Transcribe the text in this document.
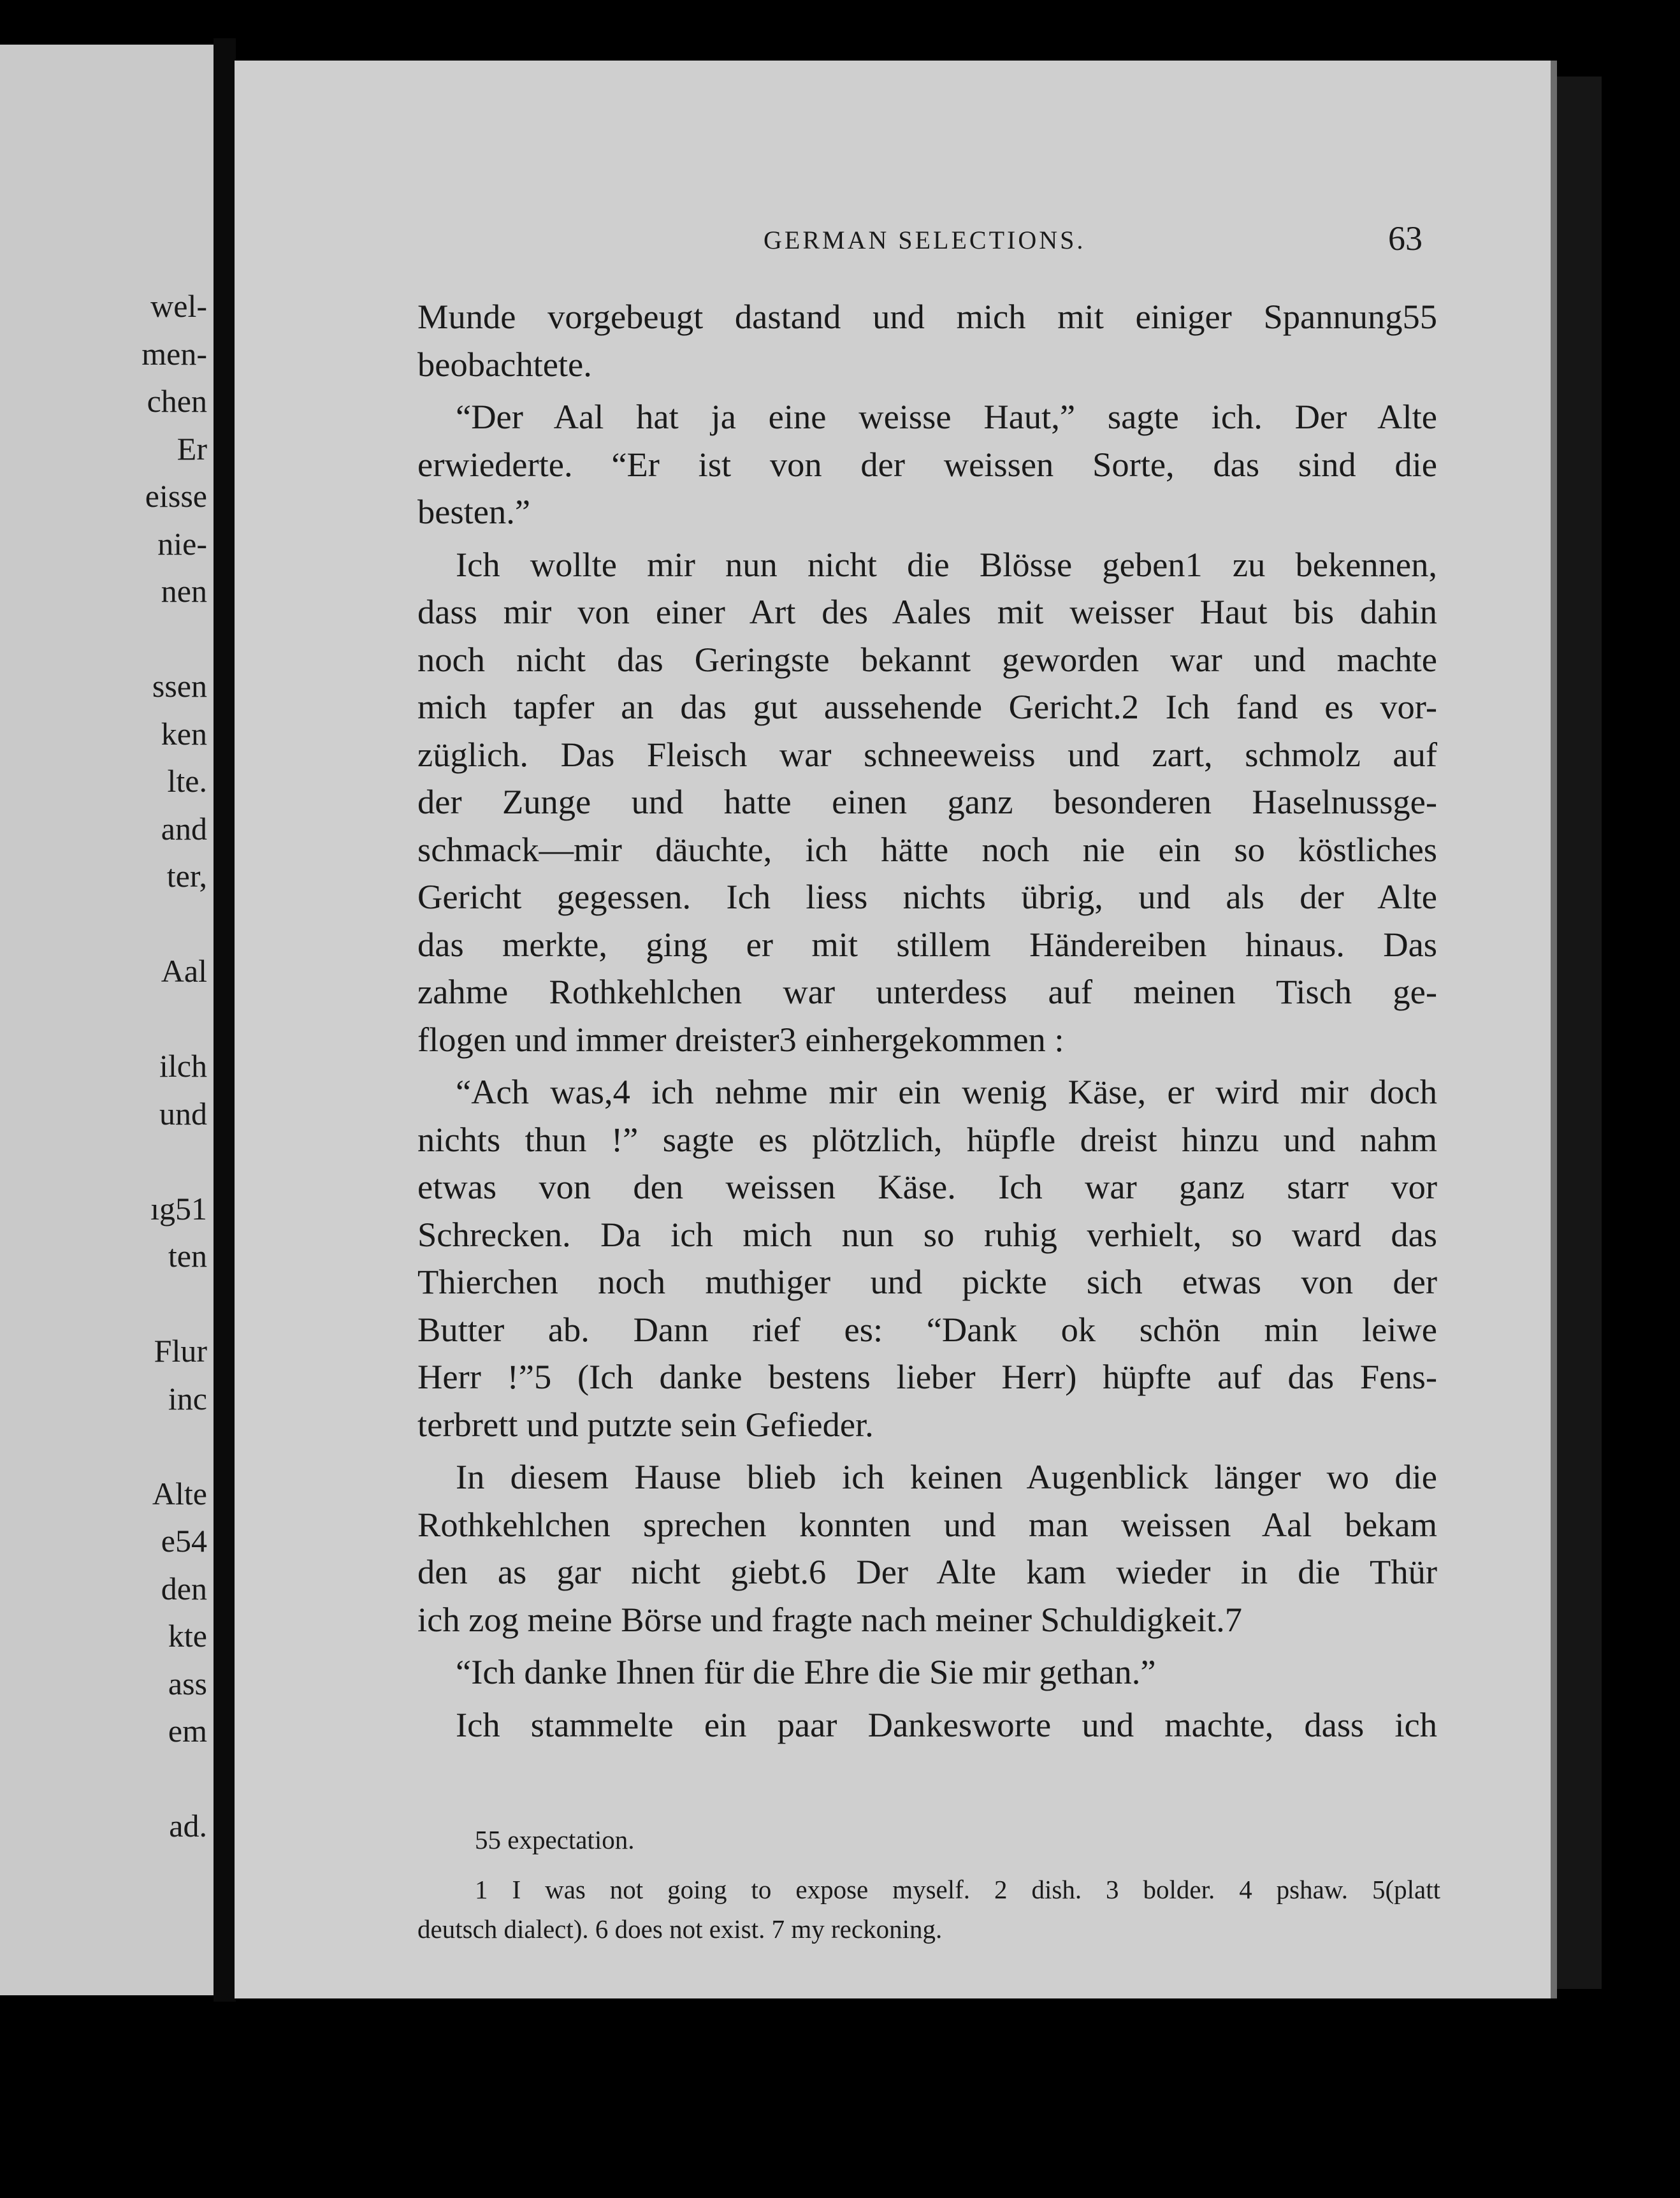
wel-
men-
chen
Er
eisse
nie-
nen
ssen
ken
lte.
and
ter,
Aal
ilch
und
ıg51
ten
Flur
inc
Alte
e54
den
kte
ass
em
ad.
GERMAN SELECTIONS.	63
Munde vorgebeugt dastand und mich mit einiger Spannung55
beobachtete.
“Der Aal hat ja eine weisse Haut,” sagte ich. Der Alte
erwiederte. “Er ist von der weissen Sorte, das sind die
besten.”
Ich wollte mir nun nicht die Blösse geben1 zu bekennen,
dass mir von einer Art des Aales mit weisser Haut bis dahin
noch nicht das Geringste bekannt geworden war und machte
mich tapfer an das gut aussehende Gericht.2 Ich fand es vor-
züglich. Das Fleisch war schneeweiss und zart, schmolz auf
der Zunge und hatte einen ganz besonderen Haselnussge-
schmack—mir däuchte, ich hätte noch nie ein so köstliches
Gericht gegessen. Ich liess nichts übrig, und als der Alte
das merkte, ging er mit stillem Händereiben hinaus. Das
zahme Rothkehlchen war unterdess auf meinen Tisch ge-
flogen und immer dreister3 einhergekommen :
“Ach was,4 ich nehme mir ein wenig Käse, er wird mir doch
nichts thun !” sagte es plötzlich, hüpfle dreist hinzu und nahm
etwas von den weissen Käse. Ich war ganz starr vor
Schrecken. Da ich mich nun so ruhig verhielt, so ward das
Thierchen noch muthiger und pickte sich etwas von der
Butter ab. Dann rief es: “Dank ok schön min leiwe
Herr !”5 (Ich danke bestens lieber Herr) hüpfte auf das Fens-
terbrett und putzte sein Gefieder.
In diesem Hause blieb ich keinen Augenblick länger wo die
Rothkehlchen sprechen konnten und man weissen Aal bekam
den as gar nicht giebt.6 Der Alte kam wieder in die Thür
ich zog meine Börse und fragte nach meiner Schuldigkeit.7
“Ich danke Ihnen für die Ehre die Sie mir gethan.”
Ich stammelte ein paar Dankesworte und machte, dass ich
55 expectation.
1 I was not going to expose myself. 2 dish. 3 bolder. 4 pshaw. 5(platt
deutsch dialect). 6 does not exist. 7 my reckoning.
